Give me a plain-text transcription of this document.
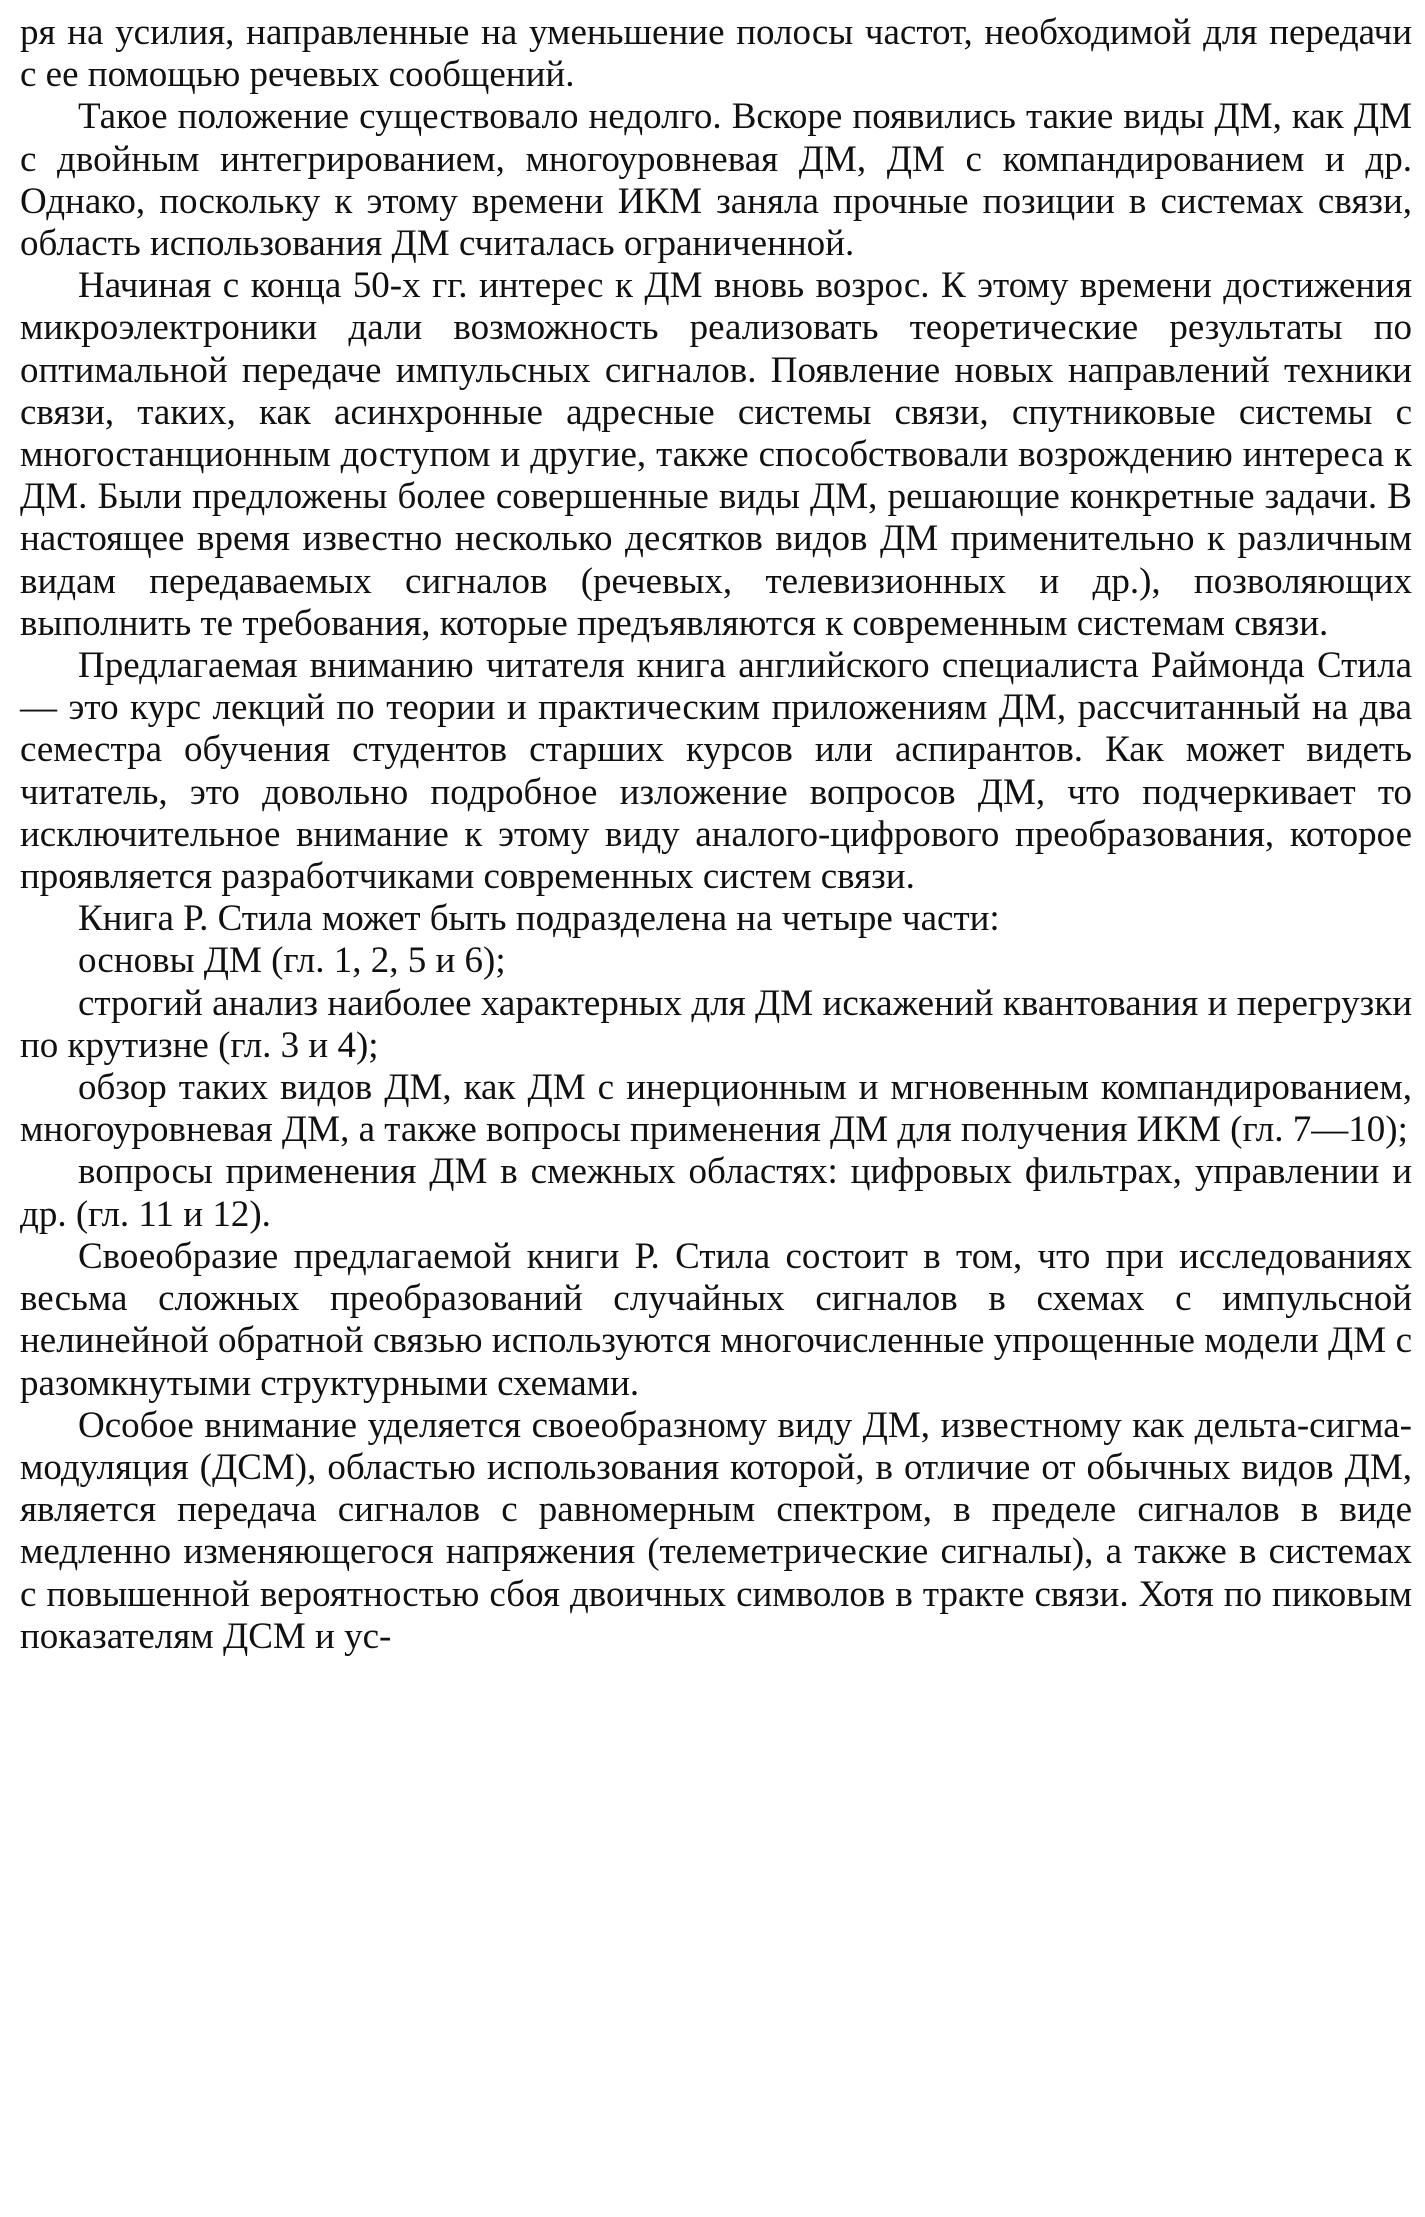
ря на усилия, направленные на уменьшение полосы частот, необходимой для передачи с ее помощью речевых сообщений.

Такое положение существовало недолго. Вскоре появились такие виды ДМ, как ДМ с двойным интегрированием, многоуровневая ДМ, ДМ с компандированием и др. Однако, поскольку к этому времени ИКМ заняла прочные позиции в системах связи, область использования ДМ считалась ограниченной.

Начиная с конца 50-х гг. интерес к ДМ вновь возрос. К этому времени достижения микроэлектроники дали возможность реализовать теоретические результаты по оптимальной передаче импульсных сигналов. Появление новых направлений техники связи, таких, как асинхронные адресные системы связи, спутниковые системы с многостанционным доступом и другие, также способствовали возрождению интереса к ДМ. Были предложены более совершенные виды ДМ, решающие конкретные задачи. В настоящее время известно несколько десятков видов ДМ применительно к различным видам передаваемых сигналов (речевых, телевизионных и др.), позволяющих выполнить те требования, которые предъявляются к современным системам связи.

Предлагаемая вниманию читателя книга английского специалиста Раймонда Стила — это курс лекций по теории и практическим приложениям ДМ, рассчитанный на два семестра обучения студентов старших курсов или аспирантов. Как может видеть читатель, это довольно подробное изложение вопросов ДМ, что подчеркивает то исключительное внимание к этому виду аналого-цифрового преобразования, которое проявляется разработчиками современных систем связи.

Книга Р. Стила может быть подразделена на четыре части:

основы ДМ (гл. 1, 2, 5 и 6);

строгий анализ наиболее характерных для ДМ искажений квантования и перегрузки по крутизне (гл. 3 и 4);

обзор таких видов ДМ, как ДМ с инерционным и мгновенным компандированием, многоуровневая ДМ, а также вопросы применения ДМ для получения ИКМ (гл. 7—10);

вопросы применения ДМ в смежных областях: цифровых фильтрах, управлении и др. (гл. 11 и 12).

Своеобразие предлагаемой книги Р. Стила состоит в том, что при исследованиях весьма сложных преобразований случайных сигналов в схемах с импульсной нелинейной обратной связью используются многочисленные упрощенные модели ДМ с разомкнутыми структурными схемами.

Особое внимание уделяется своеобразному виду ДМ, известному как дельта-сигма-модуляция (ДСМ), областью использования которой, в отличие от обычных видов ДМ, является передача сигналов с равномерным спектром, в пределе сигналов в виде медленно изменяющегося напряжения (телеметрические сигналы), а также в системах с повышенной вероятностью сбоя двоичных символов в тракте связи. Хотя по пиковым показателям ДСМ и ус-
